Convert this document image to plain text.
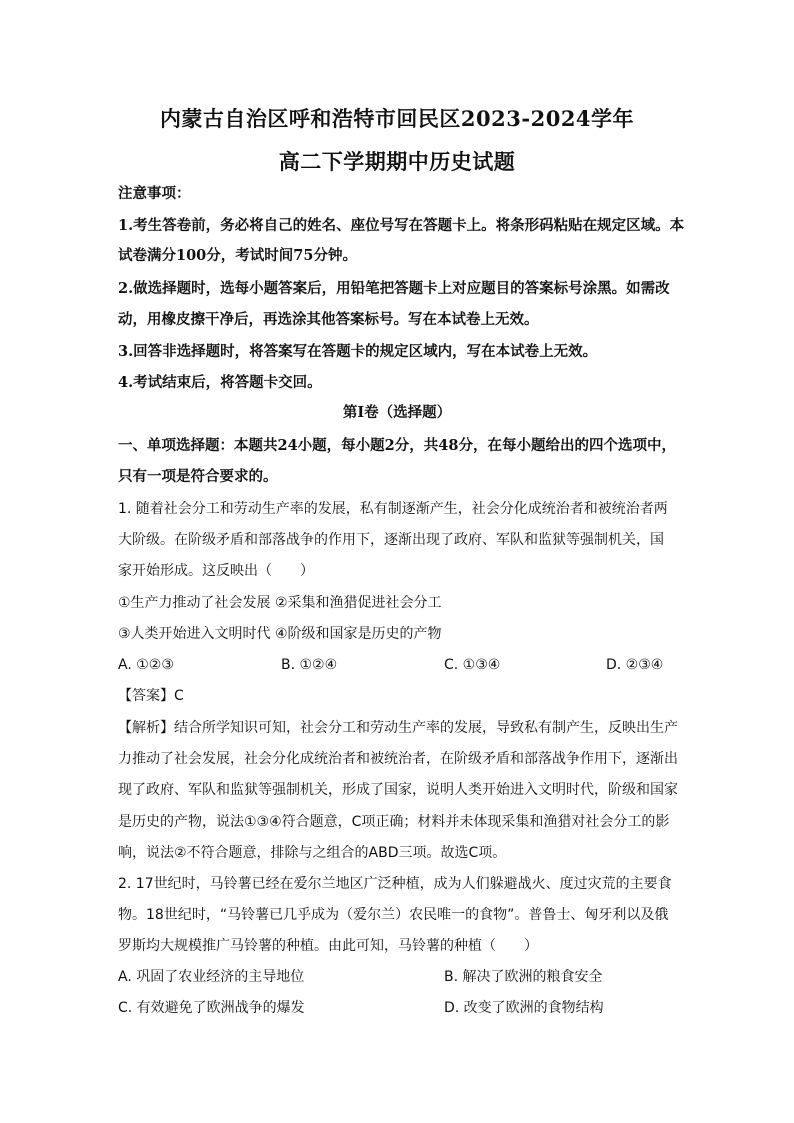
内蒙古自治区呼和浩特市回民区2023-2024学年
高二下学期期中历史试题
注意事项：
1.考生答卷前，务必将自己的姓名、座位号写在答题卡上。将条形码粘贴在规定区域。本
试卷满分100分，考试时间75分钟。
2.做选择题时，选每小题答案后，用铅笔把答题卡上对应题目的答案标号涂黑。如需改
动，用橡皮擦干净后，再选涂其他答案标号。写在本试卷上无效。
3.回答非选择题时，将答案写在答题卡的规定区域内，写在本试卷上无效。
4.考试结束后，将答题卡交回。
第Ⅰ卷（选择题）
一、单项选择题：本题共24小题，每小题2分，共48分，在每小题给出的四个选项中，
只有一项是符合要求的。
1. 随着社会分工和劳动生产率的发展，私有制逐渐产生，社会分化成统治者和被统治者两
大阶级。在阶级矛盾和部落战争的作用下，逐渐出现了政府、军队和监狱等强制机关，国
家开始形成。这反映出（　　）
①生产力推动了社会发展 ②采集和渔猎促进社会分工
③人类开始进入文明时代 ④阶级和国家是历史的产物
A. ①②③	B. ①②④	C. ①③④	D. ②③④
【答案】C
【解析】结合所学知识可知，社会分工和劳动生产率的发展，导致私有制产生，反映出生产
力推动了社会发展，社会分化成统治者和被统治者，在阶级矛盾和部落战争作用下，逐渐出
现了政府、军队和监狱等强制机关，形成了国家，说明人类开始进入文明时代，阶级和国家
是历史的产物，说法①③④符合题意，C项正确；材料并未体现采集和渔猎对社会分工的影
响，说法②不符合题意，排除与之组合的ABD三项。故选C项。
2. 17世纪时，马铃薯已经在爱尔兰地区广泛种植，成为人们躲避战火、度过灾荒的主要食
物。18世纪时，“马铃薯已几乎成为（爱尔兰）农民唯一的食物”。普鲁士、匈牙利以及俄
罗斯均大规模推广马铃薯的种植。由此可知，马铃薯的种植（　　）
A. 巩固了农业经济的主导地位	B. 解决了欧洲的粮食安全
C. 有效避免了欧洲战争的爆发	D. 改变了欧洲的食物结构
